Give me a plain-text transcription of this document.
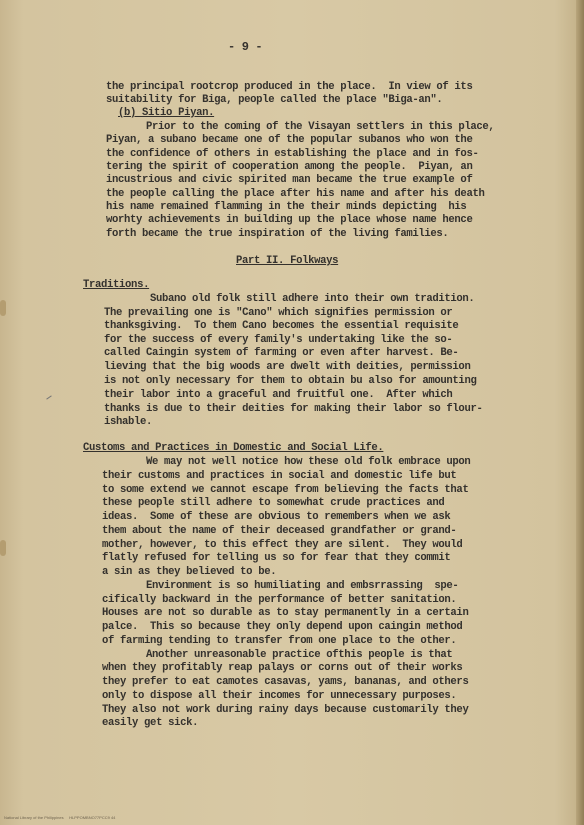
- 9 -
the principal rootcrop produced in the place.  In view of its
suitability for Biga, people called the place "Biga-an".
(b) Sitio Piyan.
Prior to the coming of the Visayan settlers in this place,
Piyan, a subano became one of the popular subanos who won the
the confidence of others in establishing the place and in fos-
tering the spirit of cooperation among the people.  Piyan, an
incustrious and civic spirited man became the true example of
the people calling the place after his name and after his death
his name remained flamming in the their minds depicting  his
worhty achievements in building up the place whose name hence
forth became the true inspiration of the living families.
Part II. Folkways
Traditions.
Subano old folk still adhere into their own tradition.
The prevailing one is "Cano" which signifies permission or
thanksgiving.  To them Cano becomes the essential requisite
for the success of every family's undertaking like the so-
called Caingin system of farming or even after harvest. Be-
lieving that the big woods are dwelt with deities, permission
is not only necessary for them to obtain bu also for amounting
their labor into a graceful and fruitful one.  After which
thanks is due to their deities for making their labor so flour-
ishable.
Customs and Practices in Domestic and Social Life.
We may not well notice how these old folk embrace upon
their customs and practices in social and domestic life but
to some extend we cannot escape from believing the facts that
these people still adhere to somewhat crude practices and
ideas.  Some of these are obvious to remembers when we ask
them about the name of their deceased grandfather or grand-
mother, however, to this effect they are silent.  They would
flatly refused for telling us so for fear that they commit
a sin as they believed to be.
Environment is so humiliating and embsrrassing  spe-
cifically backward in the performance of better sanitation.
Houses are not so durable as to stay permanently in a certain
palce.  This so because they only depend upon caingin method
of farming tending to transfer from one place to the other.
Another unreasonable practice ofthis people is that
when they profitably reap palays or corns out of their works
they prefer to eat camotes casavas, yams, bananas, and others
only to dispose all their incomes for unnecessary purposes.
They also not work during rainy days because customarily they
easily get sick.
National Library of the Philippines     HLPPOMBNO77PCC9 44
